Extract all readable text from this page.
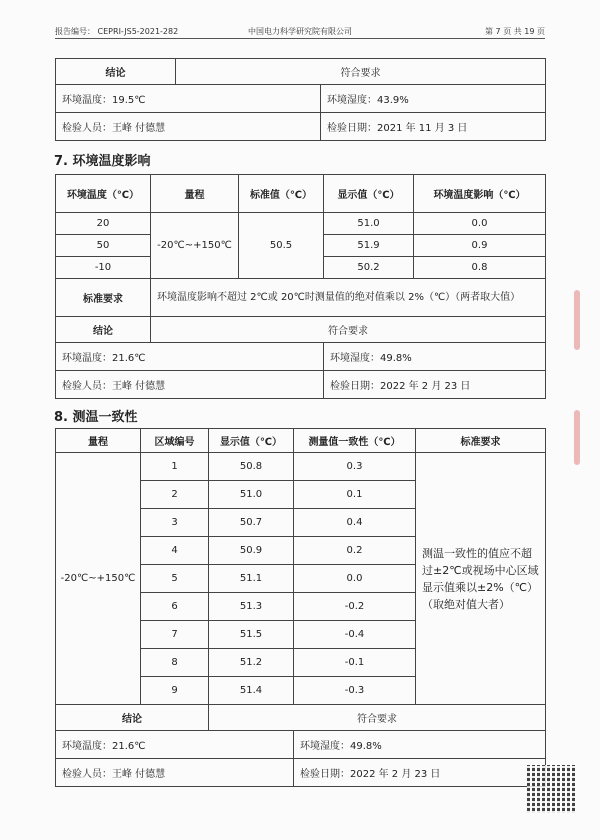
报告编号： CEPRI-JS5-2021-282	中国电力科学研究院有限公司	第 7 页 共 19 页
结论	符合要求	
环境温度：19.5℃		环境湿度：43.9%
检验人员：王峰 付德慧		检验日期：2021 年 11 月 3 日
7. 环境温度影响
环境温度（℃）	量程	标准值（℃）	显示值（℃）	环境温度影响（℃）
20	-20℃~+150℃	50.5	51.0	0.0
50			51.9	0.9
-10			50.2	0.8
标准要求	环境温度影响不超过 2℃或 20℃时测量值的绝对值乘以 2%（℃）（两者取大值）			
结论	符合要求			
环境温度：21.6℃			环境湿度：49.8%	
检验人员：王峰 付德慧			检验日期：2022 年 2 月 23 日	
8. 测温一致性
量程	区域编号	显示值（℃）	测量值一致性（℃）	标准要求
-20℃~+150℃	1	50.8	0.3	测温一致性的值应不超过±2℃或视场中心区域显示值乘以±2%（℃）（取绝对值大者）
	2	51.0	0.1	
	3	50.7	0.4	
	4	50.9	0.2	
	5	51.1	0.0	
	6	51.3	-0.2	
	7	51.5	-0.4	
	8	51.2	-0.1	
	9	51.4	-0.3	
结论		符合要求		
环境温度：21.6℃			环境湿度：49.8%	
检验人员：王峰 付德慧			检验日期：2022 年 2 月 23 日	
